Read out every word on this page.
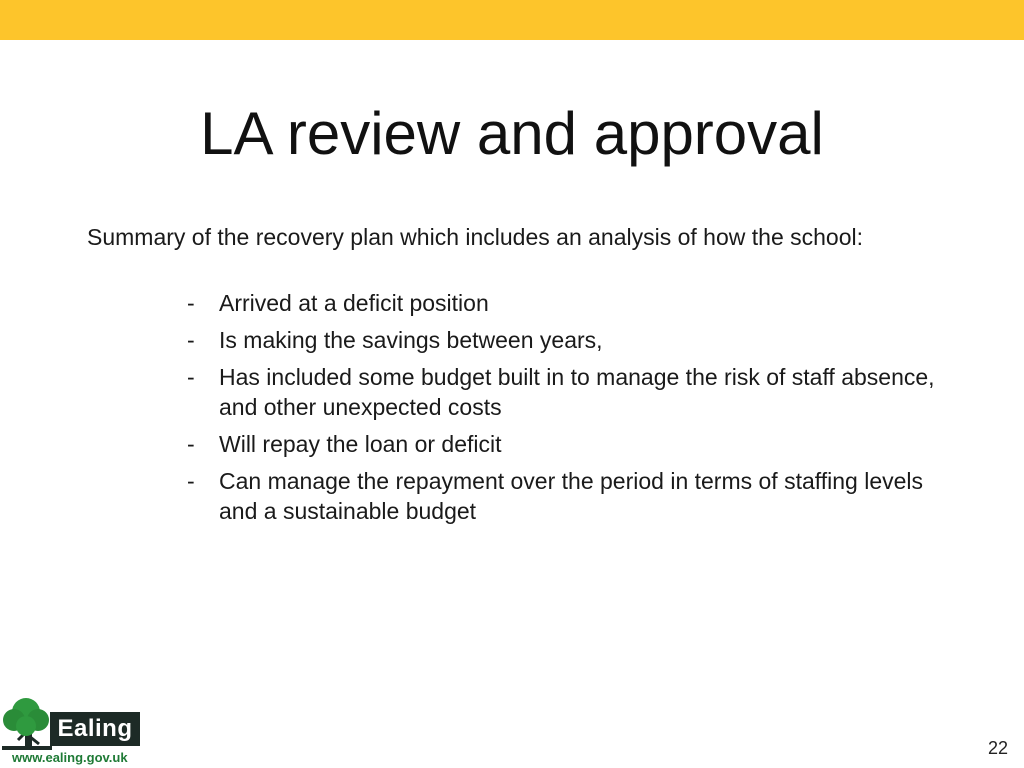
LA review and approval

Summary of the recovery plan which includes an analysis of how the school:

- Arrived at a deficit position
- Is making the savings between years,
- Has included some budget built in to manage the risk of staff absence, and other unexpected costs
- Will repay the loan or deficit
- Can manage the repayment over the period in terms of staffing levels and a sustainable budget
Ealing
www.ealing.gov.uk	22
